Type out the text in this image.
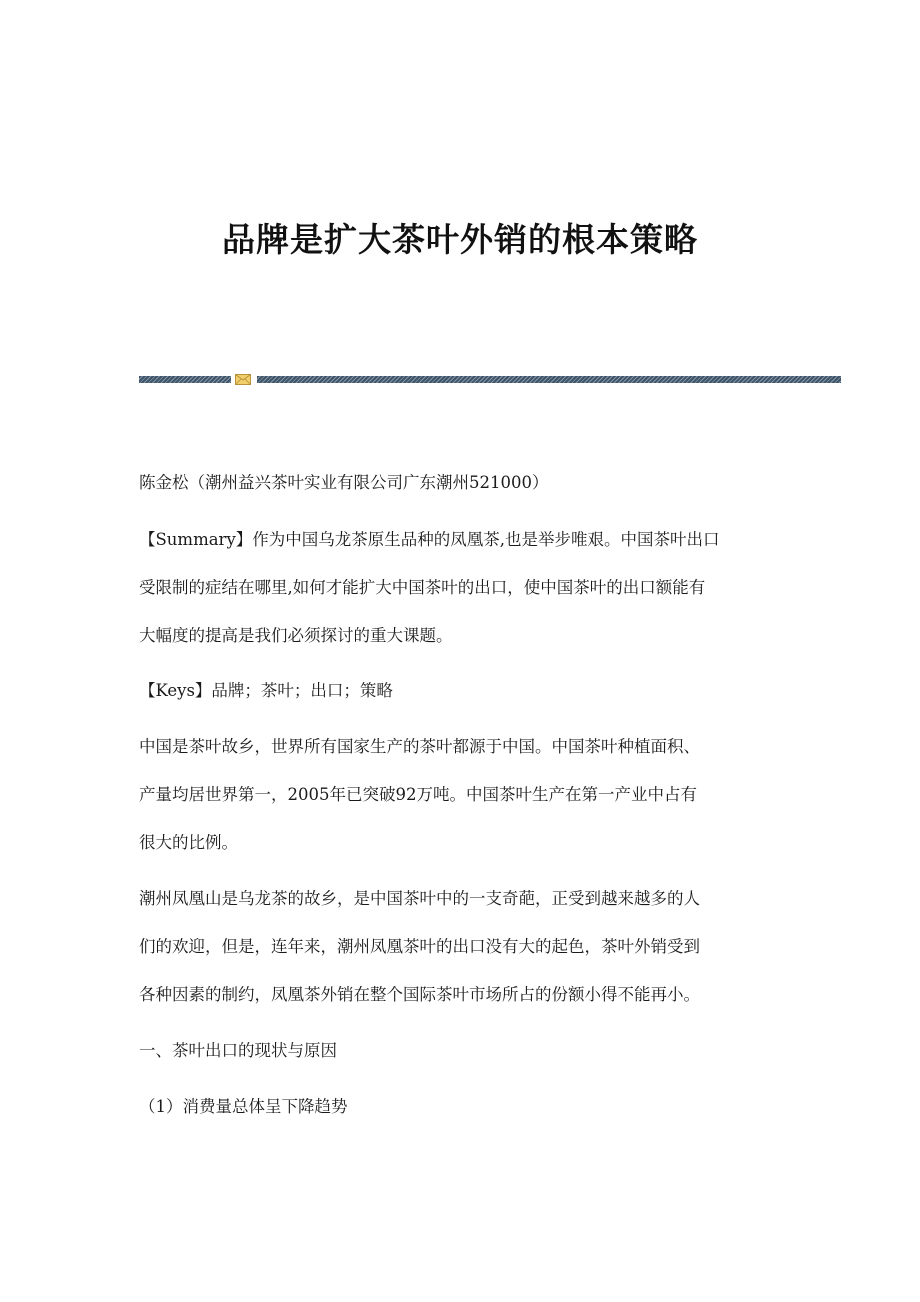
品牌是扩大茶叶外销的根本策略

陈金松（潮州益兴茶叶实业有限公司广东潮州521000）

【Summary】作为中国乌龙茶原生品种的凤凰茶,也是举步唯艰。中国茶叶出口

受限制的症结在哪里,如何才能扩大中国茶叶的出口，使中国茶叶的出口额能有

大幅度的提高是我们必须探讨的重大课题。

【Keys】品牌；茶叶；出口；策略

中国是茶叶故乡，世界所有国家生产的茶叶都源于中国。中国茶叶种植面积、

产量均居世界第一，2005年已突破92万吨。中国茶叶生产在第一产业中占有

很大的比例。

潮州凤凰山是乌龙茶的故乡，是中国茶叶中的一支奇葩，正受到越来越多的人

们的欢迎，但是，连年来，潮州凤凰茶叶的出口没有大的起色，茶叶外销受到

各种因素的制约，凤凰茶外销在整个国际茶叶市场所占的份额小得不能再小。

一、茶叶出口的现状与原因

（1）消费量总体呈下降趋势
